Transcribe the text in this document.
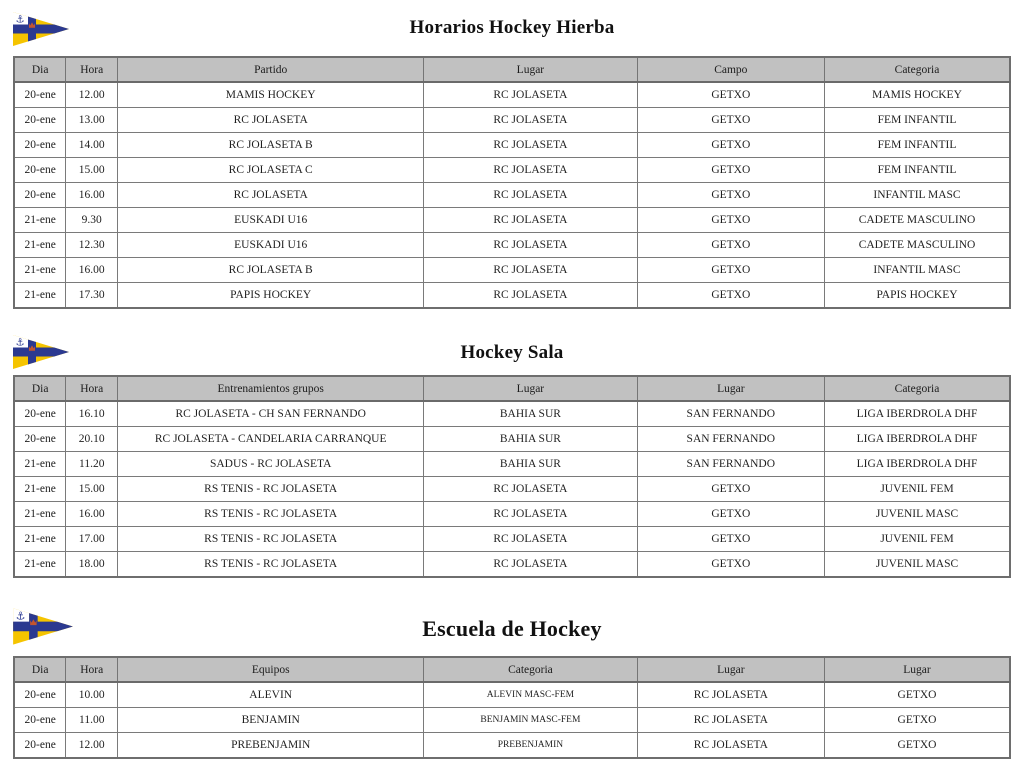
⚓	Horarios Hockey Hierba
Dia	Hora	Partido	Lugar	Campo	Categoria
20-ene	12.00	MAMIS HOCKEY	RC JOLASETA	GETXO	MAMIS HOCKEY
20-ene	13.00	RC JOLASETA	RC JOLASETA	GETXO	FEM INFANTIL
20-ene	14.00	RC JOLASETA B	RC JOLASETA	GETXO	FEM INFANTIL
20-ene	15.00	RC JOLASETA C	RC JOLASETA	GETXO	FEM INFANTIL
20-ene	16.00	RC JOLASETA	RC JOLASETA	GETXO	INFANTIL MASC
21-ene	9.30	EUSKADI U16	RC JOLASETA	GETXO	CADETE MASCULINO
21-ene	12.30	EUSKADI U16	RC JOLASETA	GETXO	CADETE MASCULINO
21-ene	16.00	RC JOLASETA B	RC JOLASETA	GETXO	INFANTIL MASC
21-ene	17.30	PAPIS HOCKEY	RC JOLASETA	GETXO	PAPIS HOCKEY
⚓	Hockey Sala
Dia	Hora	Entrenamientos grupos	Lugar	Lugar	Categoria
20-ene	16.10	RC JOLASETA - CH SAN FERNANDO	BAHIA SUR	SAN FERNANDO	LIGA IBERDROLA DHF
20-ene	20.10	RC JOLASETA - CANDELARIA CARRANQUE	BAHIA SUR	SAN FERNANDO	LIGA IBERDROLA DHF
21-ene	11.20	SADUS - RC JOLASETA	BAHIA SUR	SAN FERNANDO	LIGA IBERDROLA DHF
21-ene	15.00	RS TENIS - RC JOLASETA	RC JOLASETA	GETXO	JUVENIL FEM
21-ene	16.00	RS TENIS - RC JOLASETA	RC JOLASETA	GETXO	JUVENIL MASC
21-ene	17.00	RS TENIS - RC JOLASETA	RC JOLASETA	GETXO	JUVENIL FEM
21-ene	18.00	RS TENIS - RC JOLASETA	RC JOLASETA	GETXO	JUVENIL MASC
⚓
Escuela de Hockey
Dia	Hora	Equipos	Categoria	Lugar	Lugar
20-ene	10.00	ALEVIN	ALEVIN MASC-FEM	RC JOLASETA	GETXO
20-ene	11.00	BENJAMIN	BENJAMIN MASC-FEM	RC JOLASETA	GETXO
20-ene	12.00	PREBENJAMIN	PREBENJAMIN	RC JOLASETA	GETXO
